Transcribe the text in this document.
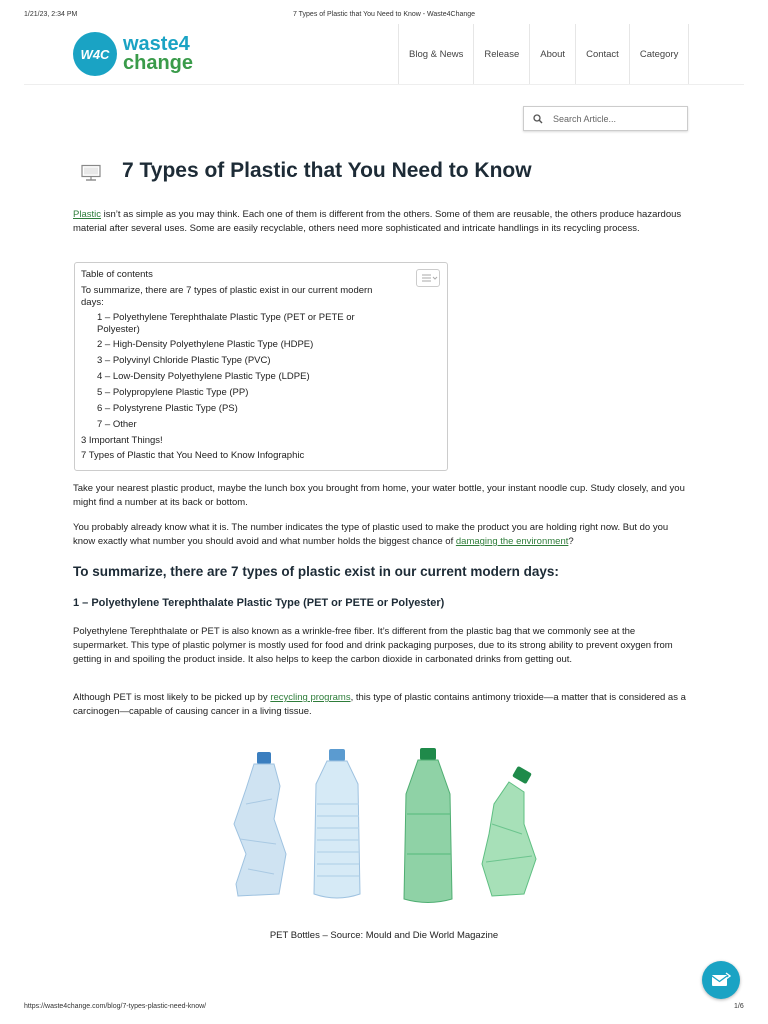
1/21/23, 2:34 PM	7 Types of Plastic that You Need to Know - Waste4Change
W4C waste4
change	Blog & News	Release	About	Contact	Category
Search Article...
7 Types of Plastic that You Need to Know

Plastic isn’t as simple as you may think. Each one of them is different from the others. Some of them are reusable, the others produce hazardous material after several uses. Some are easily recyclable, others need more sophisticated and intricate handlings in its recycling process.

Table of contents
To summarize, there are 7 types of plastic exist in our current modern
days:
1 – Polyethylene Terephthalate Plastic Type (PET or PETE or
Polyester)
2 – High-Density Polyethylene Plastic Type (HDPE)
3 – Polyvinyl Chloride Plastic Type (PVC)
4 – Low-Density Polyethylene Plastic Type (LDPE)
5 – Polypropylene Plastic Type (PP)
6 – Polystyrene Plastic Type (PS)
7 – Other
3 Important Things!
7 Types of Plastic that You Need to Know Infographic

Take your nearest plastic product, maybe the lunch box you brought from home, your water bottle, your instant noodle cup. Study closely, and you might find a number at its back or bottom.

You probably already know what it is. The number indicates the type of plastic used to make the product you are holding right now. But do you know exactly what number you should avoid and what number holds the biggest chance of damaging the environment?

To summarize, there are 7 types of plastic exist in our current modern days:
1 – Polyethylene Terephthalate Plastic Type (PET or PETE or Polyester)

Polyethylene Terephthalate or PET is also known as a wrinkle-free fiber. It’s different from the plastic bag that we commonly see at the supermarket. This type of plastic polymer is mostly used for food and drink packaging purposes, due to its strong ability to prevent oxygen from getting in and spoiling the product inside. It also helps to keep the carbon dioxide in carbonated drinks from getting out.

Although PET is most likely to be picked up by recycling programs, this type of plastic contains antimony trioxide—a matter that is considered as a carcinogen—capable of causing cancer in a living tissue.

PET Bottles – Source: Mould and Die World Magazine
https://waste4change.com/blog/7-types-plastic-need-know/	1/6
